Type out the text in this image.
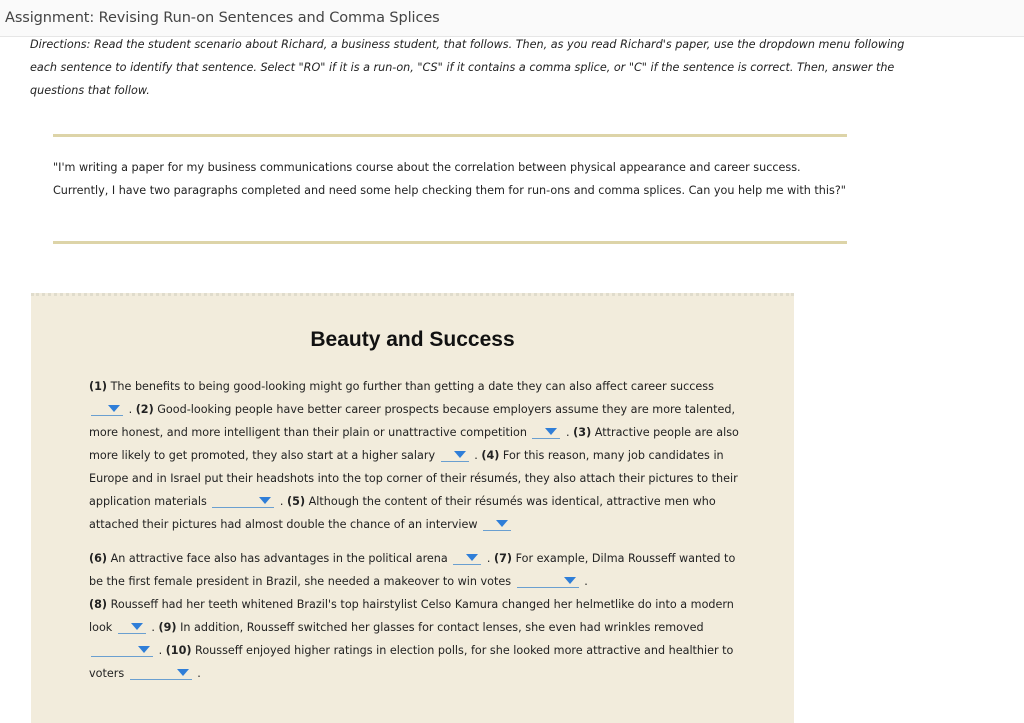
Assignment: Revising Run-on Sentences and Comma Splices
Directions: Read the student scenario about Richard, a business student, that follows. Then, as you read Richard's paper, use the dropdown menu following each sentence to identify that sentence. Select "RO" if it is a run-on, "CS" if it contains a comma splice, or "C" if the sentence is correct. Then, answer the questions that follow.
"I'm writing a paper for my business communications course about the correlation between physical appearance and career success. Currently, I have two paragraphs completed and need some help checking them for run-ons and comma splices. Can you help me with this?"
Beauty and Success
(1) The benefits to being good-looking might go further than getting a date they can also affect career success
. (2) Good-looking people have better career prospects because employers assume they are more talented, more honest, and more intelligent than their plain or unattractive competition	. (3) Attractive people are also more likely to get promoted, they also start at a higher salary	. (4) For this reason, many job candidates in Europe and in Israel put their headshots into the top corner of their résumés, they also attach their pictures to their application materials	. (5) Although the content of their résumés was identical, attractive men who attached their pictures had almost double the chance of an interview
(6) An attractive face also has advantages in the political arena	. (7) For example, Dilma Rousseff wanted to be the first female president in Brazil, she needed a makeover to win votes	.
(8) Rousseff had her teeth whitened Brazil's top hairstylist Celso Kamura changed her helmetlike do into a modern look	. (9) In addition, Rousseff switched her glasses for contact lenses, she even had wrinkles removed
. (10) Rousseff enjoyed higher ratings in election polls, for she looked more attractive and healthier to voters	.
